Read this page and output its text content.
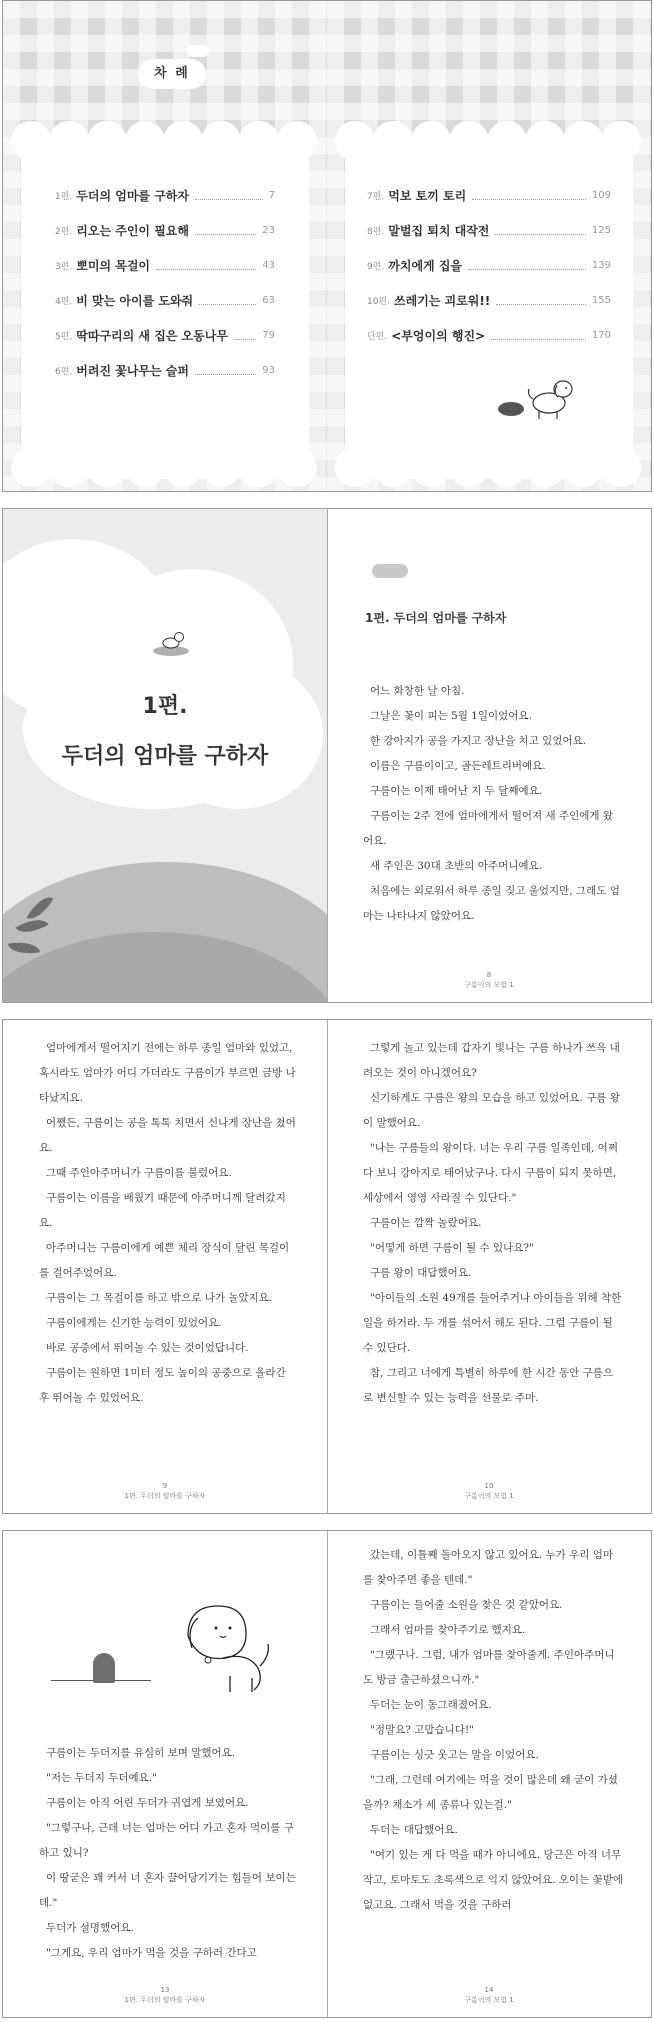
차 례
1편. 두더의 엄마를 구하자	7
2편. 리오는 주인이 필요해	23
3편. 뽀미의 목걸이	43
4편. 비 맞는 아이를 도와줘	63
5편. 딱따구리의 새 집은 오동나무	79
6편. 버려진 꽃나무는 슬퍼	93
7편. 먹보 토끼 토리	109
8편. 말벌집 퇴치 대작전	125
9편. 까치에게 집을	139
10편. 쓰레기는 괴로워!!	155
단편. <부엉이의 행진>	170
1편.
두더의 엄마를 구하자
1편. 두더의 엄마를 구하자

어느 화창한 날 아침.

그날은 꽃이 피는 5월 1일이었어요.

한 강아지가 공을 가지고 장난을 치고 있었어요.

이름은 구름이이고, 골든레트리버예요.

구름이는 이제 태어난 지 두 달째예요.

구름이는 2주 전에 엄마에게서 떨어져 새 주인에게 왔어요.

새 주인은 30대 초반의 아주머니예요.

처음에는 외로워서 하루 종일 짖고 울었지만, 그래도 엄마는 나타나지 않았어요.

8
구름이의 모험 1

엄마에게서 떨어지기 전에는 하루 종일 엄마와 있었고, 혹시라도 엄마가 어디 가더라도 구름이가 부르면 금방 나타났지요.

어쨌든, 구름이는 공을 톡톡 치면서 신나게 장난을 쳤어요.

그때 주인아주머니가 구름이를 불렀어요.

구름이는 이름을 배웠기 때문에 아주머니께 달려갔지요.

아주머니는 구름이에게 예쁜 체리 장식이 달린 목걸이를 걸어주었어요.

구름이는 그 목걸이를 하고 밖으로 나가 놀았지요.

구름이에게는 신기한 능력이 있었어요.

바로 공중에서 뛰어놀 수 있는 것이었답니다.

구름이는 원하면 1미터 정도 높이의 공중으로 올라간 후 뛰어놀 수 있었어요.

9
1편. 두더의 엄마를 구하자

그렇게 놀고 있는데 갑자기 빛나는 구름 하나가 쓰윽 내려오는 것이 아니겠어요?

신기하게도 구름은 왕의 모습을 하고 있었어요. 구름 왕이 말했어요.

"나는 구름들의 왕이다. 너는 우리 구름 일족인데, 어쩌다 보니 강아지로 태어났구나. 다시 구름이 되지 못하면, 세상에서 영영 사라질 수 있단다."

구름이는 깜짝 놀랐어요.

"어떻게 하면 구름이 될 수 있나요?"

구름 왕이 대답했어요.

"아이들의 소원 49개를 들어주거나 아이들을 위해 착한 일을 하거라. 두 개를 섞어서 해도 된다. 그럼 구름이 될 수 있단다.

참, 그리고 너에게 특별히 하루에 한 시간 동안 구름으로 변신할 수 있는 능력을 선물로 주마.

10
구름이의 모험 1

구름이는 두더지를 유심히 보며 말했어요.

"저는 두더지 두더예요."

구름이는 아직 어린 두더가 귀엽게 보였어요.

"그렇구나, 근데 너는 엄마는 어디 가고 혼자 먹이를 구하고 있니?

이 땅굳은 꽤 커서 너 혼자 끌어당기기는 힘들어 보이는데."

두더가 설명했어요.

"그게요, 우리 엄마가 먹을 것을 구하러 간다고

13
1편. 두더의 엄마를 구하자

갔는데, 이틀째 돌아오지 않고 있어요. 누가 우리 엄마를 찾아주면 좋을 텐데."

구름이는 들어줄 소원을 찾은 것 같았어요.

그래서 엄마를 찾아주기로 했지요.

"그랬구나. 그럼, 내가 엄마를 찾아줄게. 주인아주머니도 방금 출근하셨으니까."

두더는 눈이 동그래졌어요.

"정말요? 고맙습니다!"

구름이는 싱긋 웃고는 말을 이었어요.

"그래, 그런데 여기에는 먹을 것이 많은데 왜 굳이 가셨을까? 채소가 세 종류나 있는걸."

두더는 대답했어요.

"여기 있는 게 다 먹을 때가 아니에요. 당근은 아직 너무 작고, 토마토도 초록색으로 익지 않았어요. 오이는 꽃밭에 없고요. 그래서 먹을 것을 구하러

14
구름이의 모험 1
